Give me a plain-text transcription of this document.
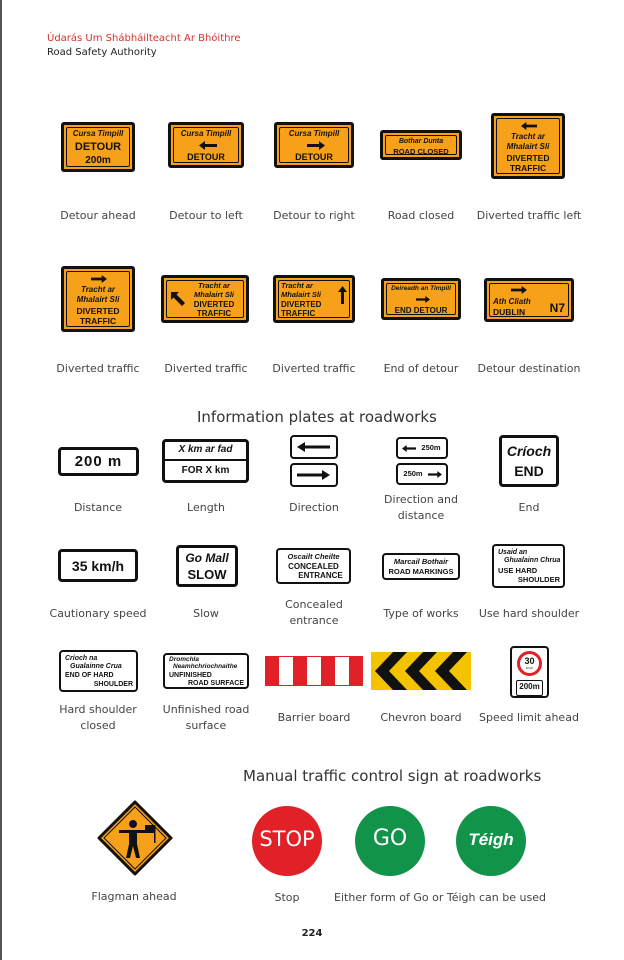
Údarás Um Shábháilteacht Ar Bhóithre
Road Safety Authority
Cursa Timpill
DETOUR
200m
Detour ahead
Cursa Timpill
DETOUR
Detour to left
Cursa Timpill
DETOUR
Detour to right
Bothar Dunta
ROAD CLOSED
Road closed
Tracht ar
Mhalairt Sli
DIVERTED
TRAFFIC
Diverted traffic left
Tracht ar
Mhalairt Sli
DIVERTED
TRAFFIC
Diverted traffic
Tracht ar
Mhalairt Sli
DIVERTED
TRAFFIC
Diverted traffic
Tracht ar
Mhalairt Sli
DIVERTED
TRAFFIC
Diverted traffic
Deireadh an Timpill
END DETOUR
End of detour
Ath Cliath
DUBLIN	N7
Detour destination
Information plates at roadworks
200 m
Distance
X km ar fad
FOR X km
Length	Direction
250m
250m
Direction and distance
Críoch
END
End
35 km/h
Cautionary speed
Go Mall
SLOW
Slow
Oscailt Cheilte
CONCEALED
ENTRANCE
Concealed entrance
Marcail Bothair
ROAD MARKINGS
Type of works
Usaid an
Ghualainn Chrua
USE HARD
SHOULDER
Use hard shoulder
Críoch na
Gualainne Crua
END OF HARD
SHOULDER
Hard shoulder closed
Dromchla
Neamhchriochnaithe
UNFINISHED
ROAD SURFACE
Unfinished road surface
Barrier board	Chevron board
30
km/h
200m
Speed limit ahead
Manual traffic control sign at roadworks
Flagman ahead
STOP
Stop
GO	Téigh
Either form of Go or Téigh can be used
224
